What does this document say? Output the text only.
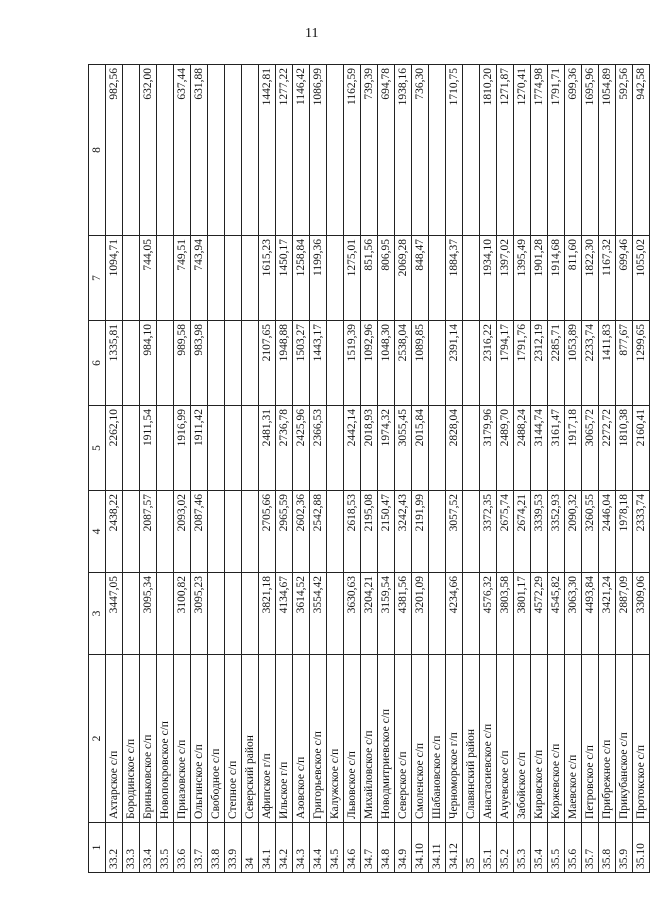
11
1	2	3	4	5	6	7	8
33.2	Ахтарское с/п	3447,05	2438,22	2262,10	1335,81	1094,71	982,56
33.3	Бородинское с/п						
33.4	Бриньковское с/п	3095,34	2087,57	1911,54	984,10	744,05	632,00
33.5	Новопокровское с/п						
33.6	Приазовское с/п	3100,82	2093,02	1916,99	989,58	749,51	637,44
33.7	Ольгинское с/п	3095,23	2087,46	1911,42	983,98	743,94	631,88
33.8	Свободное с/п						
33.9	Степное с/п						
34	Северский район						
34.1	Афипское г/п	3821,18	2705,66	2481,31	2107,65	1615,23	1442,81
34.2	Ильское г/п	4134,67	2965,59	2736,78	1948,88	1450,17	1277,22
34.3	Азовское с/п	3614,52	2602,36	2425,96	1503,27	1258,84	1146,42
34.4	Григорьевское с/п	3554,42	2542,88	2366,53	1443,17	1199,36	1086,99
34.5	Калужское с/п						
34.6	Львовское с/п	3630,63	2618,53	2442,14	1519,39	1275,01	1162,59
34.7	Михайловское с/п	3204,21	2195,08	2018,93	1092,96	851,56	739,39
34.8	Новодмитриевское с/п	3159,54	2150,47	1974,32	1048,30	806,95	694,78
34.9	Северское с/п	4381,56	3242,43	3055,45	2538,04	2069,28	1938,16
34.10	Смоленское с/п	3201,09	2191,99	2015,84	1089,85	848,47	736,30
34.11	Шабановское с/п						
34.12	Черноморское г/п	4234,66	3057,52	2828,04	2391,14	1884,37	1710,75
35	Славянский район						
35.1	Анастасиевское с/п	4576,32	3372,35	3179,96	2316,22	1934,10	1810,20
35.2	Ачуевское с/п	3803,58	2675,74	2489,70	1794,17	1397,02	1271,87
35.3	Забойское с/п	3801,17	2674,21	2488,24	1791,76	1395,49	1270,41
35.4	Кировское с/п	4572,29	3339,53	3144,74	2312,19	1901,28	1774,98
35.5	Коржевское с/п	4545,82	3352,93	3161,47	2285,71	1914,68	1791,71
35.6	Маевское с/п	3063,30	2090,32	1917,18	1053,89	811,60	699,36
35.7	Петровское с/п	4493,84	3260,55	3065,72	2233,74	1822,30	1695,96
35.8	Прибрежное с/п	3421,24	2446,04	2272,72	1411,83	1167,32	1054,89
35.9	Прикубанское с/п	2887,09	1978,18	1810,38	877,67	699,46	592,56
35.10	Протокское с/п	3309,06	2333,74	2160,41	1299,65	1055,02	942,58
